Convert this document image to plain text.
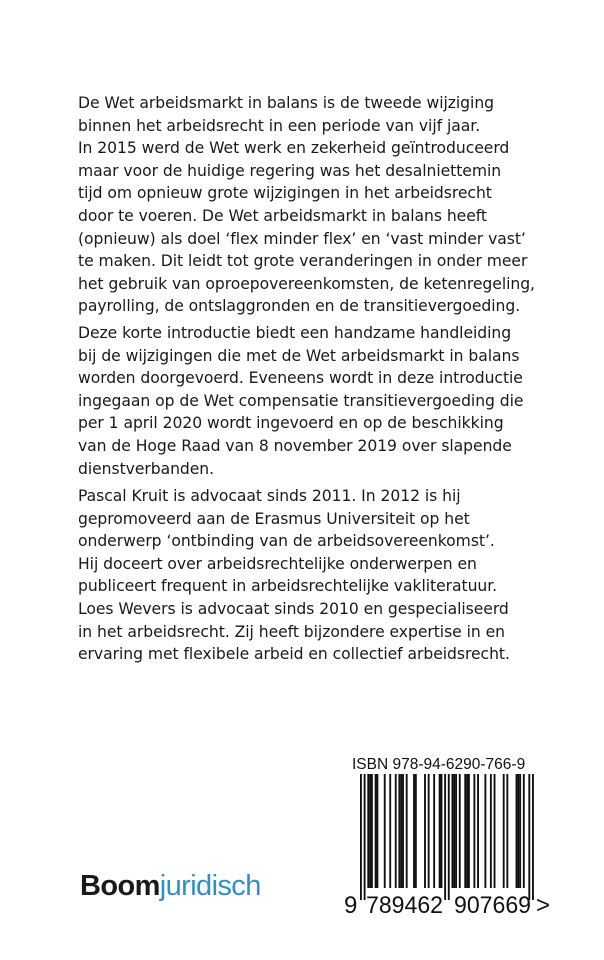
De Wet arbeidsmarkt in balans is de tweede wijziging
binnen het arbeidsrecht in een periode van vijf jaar.
In 2015 werd de Wet werk en zekerheid geïntroduceerd
maar voor de huidige regering was het desalniettemin
tijd om opnieuw grote wijzigingen in het arbeidsrecht
door te voeren. De Wet arbeidsmarkt in balans heeft
(opnieuw) als doel ‘flex minder flex’ en ‘vast minder vast’
te maken. Dit leidt tot grote veranderingen in onder meer
het gebruik van oproepovereenkomsten, de ketenregeling,
payrolling, de ontslaggronden en de transitievergoeding.
Deze korte introductie biedt een handzame handleiding
bij de wijzigingen die met de Wet arbeidsmarkt in balans
worden doorgevoerd. Eveneens wordt in deze introductie
ingegaan op de Wet compensatie transitievergoeding die
per 1 april 2020 wordt ingevoerd en op de beschikking
van de Hoge Raad van 8 november 2019 over slapende
dienstverbanden.
Pascal Kruit is advocaat sinds 2011. In 2012 is hij
gepromoveerd aan de Erasmus Universiteit op het
onderwerp ‘ontbinding van de arbeidsovereenkomst’.
Hij doceert over arbeidsrechtelijke onderwerpen en
publiceert frequent in arbeidsrechtelijke vakliteratuur.
Loes Wevers is advocaat sinds 2010 en gespecialiseerd
in het arbeidsrecht. Zij heeft bijzondere expertise in en
ervaring met flexibele arbeid en collectief arbeidsrecht.
Boomjuridisch
ISBN 978-94-6290-766-9
9 789462 907669 >
